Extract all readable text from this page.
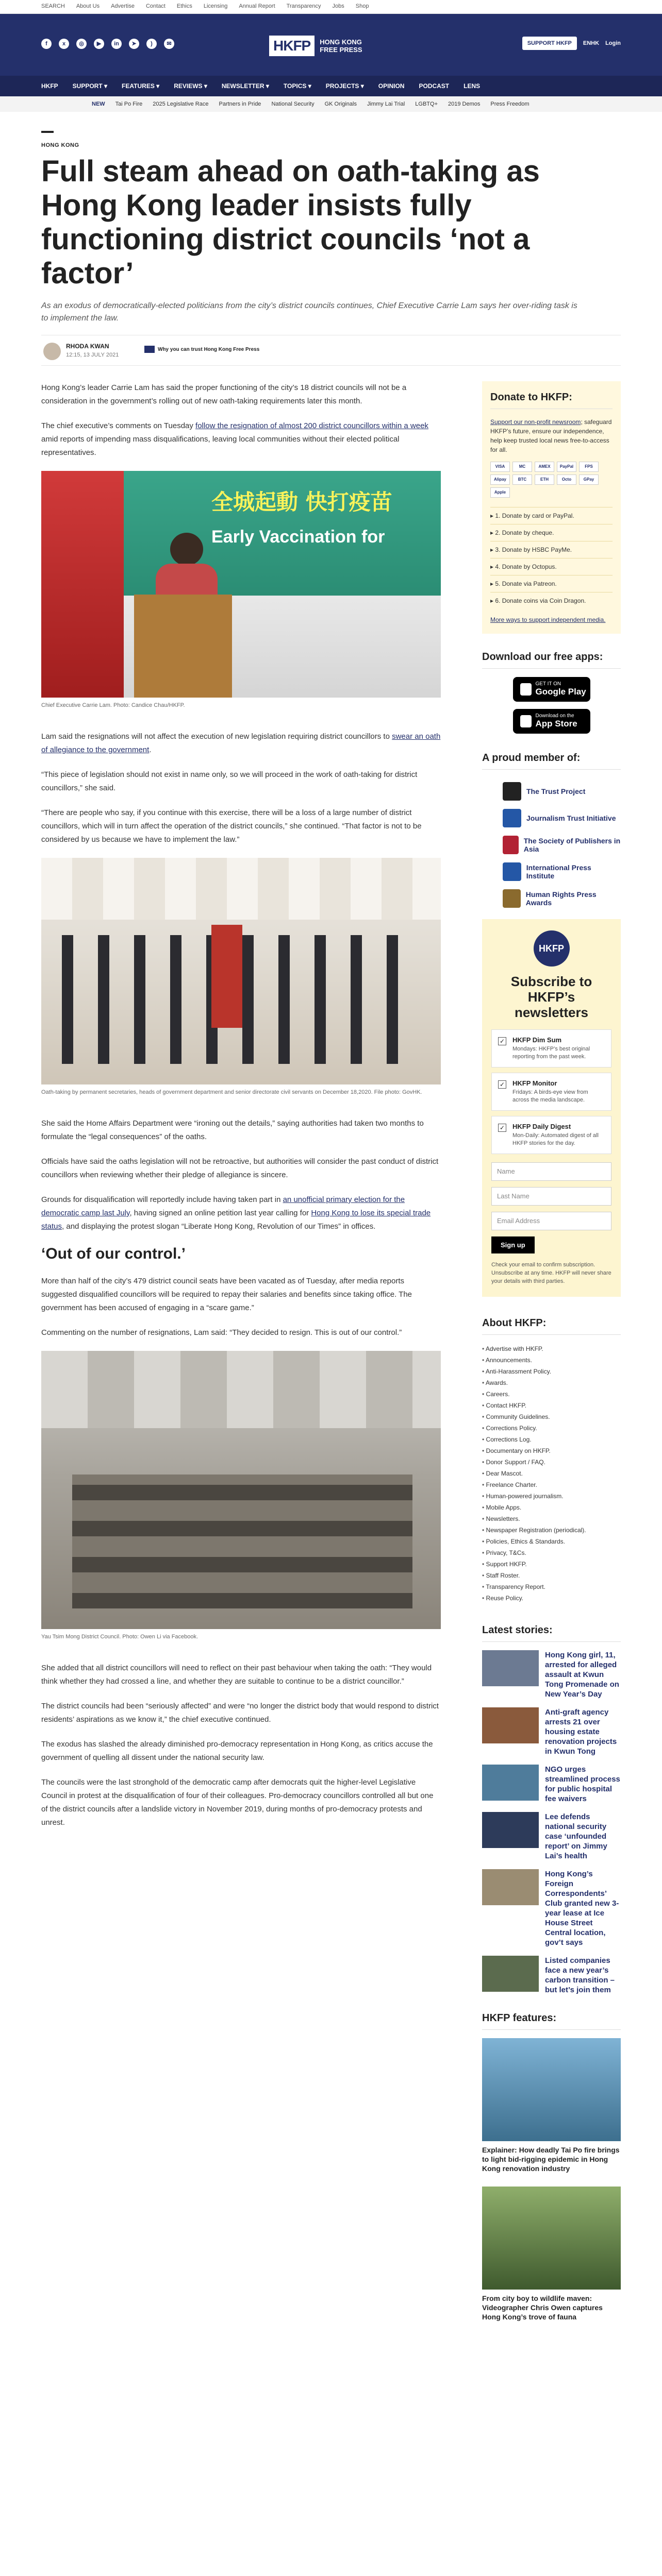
SEARCH About Us Advertise Contact Ethics Licensing Annual Report Transparency Jobs Shop
f	x	◎	▶	in	➤	)	✉	HKFP	HONG KONG
FREE PRESS
SUPPORT HKFP	ENHK Login
HKFP SUPPORT ▾ FEATURES ▾ REVIEWS ▾ NEWSLETTER ▾ TOPICS ▾ PROJECTS ▾ OPINION PODCAST LENS
NEW Tai Po Fire 2025 Legislative Race Partners in Pride National Security GK Originals Jimmy Lai Trial LGBTQ+ 2019 Demos Press Freedom
HONG KONG
Full steam ahead on oath-taking as Hong Kong leader insists fully functioning district councils ‘not a factor’

As an exodus of democratically-elected politicians from the city’s district councils continues, Chief Executive Carrie Lam says her over-riding task is to implement the law.

RHODA KWAN
12:15, 13 JULY 2021
Why you can trust Hong Kong Free Press

Hong Kong’s leader Carrie Lam has said the proper functioning of the city’s 18 district councils will not be a consideration in the government’s rolling out of new oath-taking requirements later this month.

The chief executive’s comments on Tuesday follow the resignation of almost 200 district councillors within a week amid reports of impending mass disqualifications, leaving local communities without their elected political representatives.

全城起動 快打疫苗
Early Vaccination for
Chief Executive Carrie Lam. Photo: Candice Chau/HKFP.

Lam said the resignations will not affect the execution of new legislation requiring district councillors to swear an oath of allegiance to the government.

“This piece of legislation should not exist in name only, so we will proceed in the work of oath-taking for district councillors,” she said.

“There are people who say, if you continue with this exercise, there will be a loss of a large number of district councillors, which will in turn affect the operation of the district councils,” she continued. “That factor is not to be considered by us because we have to implement the law.”

Oath-taking by permanent secretaries, heads of government department and senior directorate civil servants on December 18,2020. File photo: GovHK.

She said the Home Affairs Department were “ironing out the details,” saying authorities had taken two months to formulate the “legal consequences” of the oaths.

Officials have said the oaths legislation will not be retroactive, but authorities will consider the past conduct of district councillors when reviewing whether their pledge of allegiance is sincere.

Grounds for disqualification will reportedly include having taken part in an unofficial primary election for the democratic camp last July, having signed an online petition last year calling for Hong Kong to lose its special trade status, and displaying the protest slogan “Liberate Hong Kong, Revolution of our Times” in offices.

‘Out of our control.’

More than half of the city’s 479 district council seats have been vacated as of Tuesday, after media reports suggested disqualified councillors will be required to repay their salaries and benefits since taking office. The government has been accused of engaging in a “scare game.”

Commenting on the number of resignations, Lam said: “They decided to resign. This is out of our control.”

Yau Tsim Mong District Council. Photo: Owen Li via Facebook.

She added that all district councillors will need to reflect on their past behaviour when taking the oath: “They would think whether they had crossed a line, and whether they are suitable to continue to be a district councillor.”

The district councils had been “seriously affected” and were “no longer the district body that would respond to district residents’ aspirations as we know it,” the chief executive continued.

The exodus has slashed the already diminished pro-democracy representation in Hong Kong, as critics accuse the government of quelling all dissent under the national security law.

The councils were the last stronghold of the democratic camp after democrats quit the higher-level Legislative Council in protest at the disqualification of four of their colleagues. Pro-democracy councillors controlled all but one of the district councils after a landslide victory in November 2019, during months of pro-democracy protests and unrest.

Donate to HKFP:
Support our non-profit newsroom; safeguard HKFP’s future, ensure our independence, help keep trusted local news free-to-access for all.
VISA	MC	AMEX	PayPal	FPS
Alipay	BTC	ETH	Octo	GPay
Apple
▸ 1. Donate by card or PayPal.
▸ 2. Donate by cheque.
▸ 3. Donate by HSBC PayMe.
▸ 4. Donate by Octopus.
▸ 5. Donate via Patreon.
▸ 6. Donate coins via Coin Dragon.
More ways to support independent media.
Download our free apps:
GET IT ON
Google Play
Download on the
App Store
A proud member of:
The Trust Project
Journalism Trust Initiative
The Society of Publishers in Asia
International Press Institute
Human Rights Press Awards
HKFP
Subscribe to HKFP’s newsletters
✓ HKFP Dim Sum
Mondays: HKFP’s best original reporting from the past week.
✓ HKFP Monitor
Fridays: A birds-eye view from across the media landscape.
✓ HKFP Daily Digest
Mon-Daily: Automated digest of all HKFP stories for the day.
Name
Last Name
Email Address
Sign up
Check your email to confirm subscription. Unsubscribe at any time. HKFP will never share your details with third parties.
About HKFP:
• Advertise with HKFP.
• Announcements.
• Anti-Harassment Policy.
• Awards.
• Careers.
• Contact HKFP.
• Community Guidelines.
• Corrections Policy.
• Corrections Log.
• Documentary on HKFP.
• Donor Support / FAQ.
• Dear Mascot.
• Freelance Charter.
• Human-powered journalism.
• Mobile Apps.
• Newsletters.
• Newspaper Registration (periodical).
• Policies, Ethics & Standards.
• Privacy, T&Cs.
• Support HKFP.
• Staff Roster.
• Transparency Report.
• Reuse Policy.
Latest stories:
Hong Kong girl, 11, arrested for alleged assault at Kwun Tong Promenade on New Year’s Day
Anti-graft agency arrests 21 over housing estate renovation projects in Kwun Tong
NGO urges streamlined process for public hospital fee waivers
Lee defends national security case ‘unfounded report’ on Jimmy Lai’s health
Hong Kong’s Foreign Correspondents’ Club granted new 3-year lease at Ice House Street Central location, gov’t says
Listed companies face a new year’s carbon transition – but let’s join them
HKFP features:
Explainer: How deadly Tai Po fire brings to light bid-rigging epidemic in Hong Kong renovation industry
From city boy to wildlife maven: Videographer Chris Owen captures Hong Kong’s trove of fauna
